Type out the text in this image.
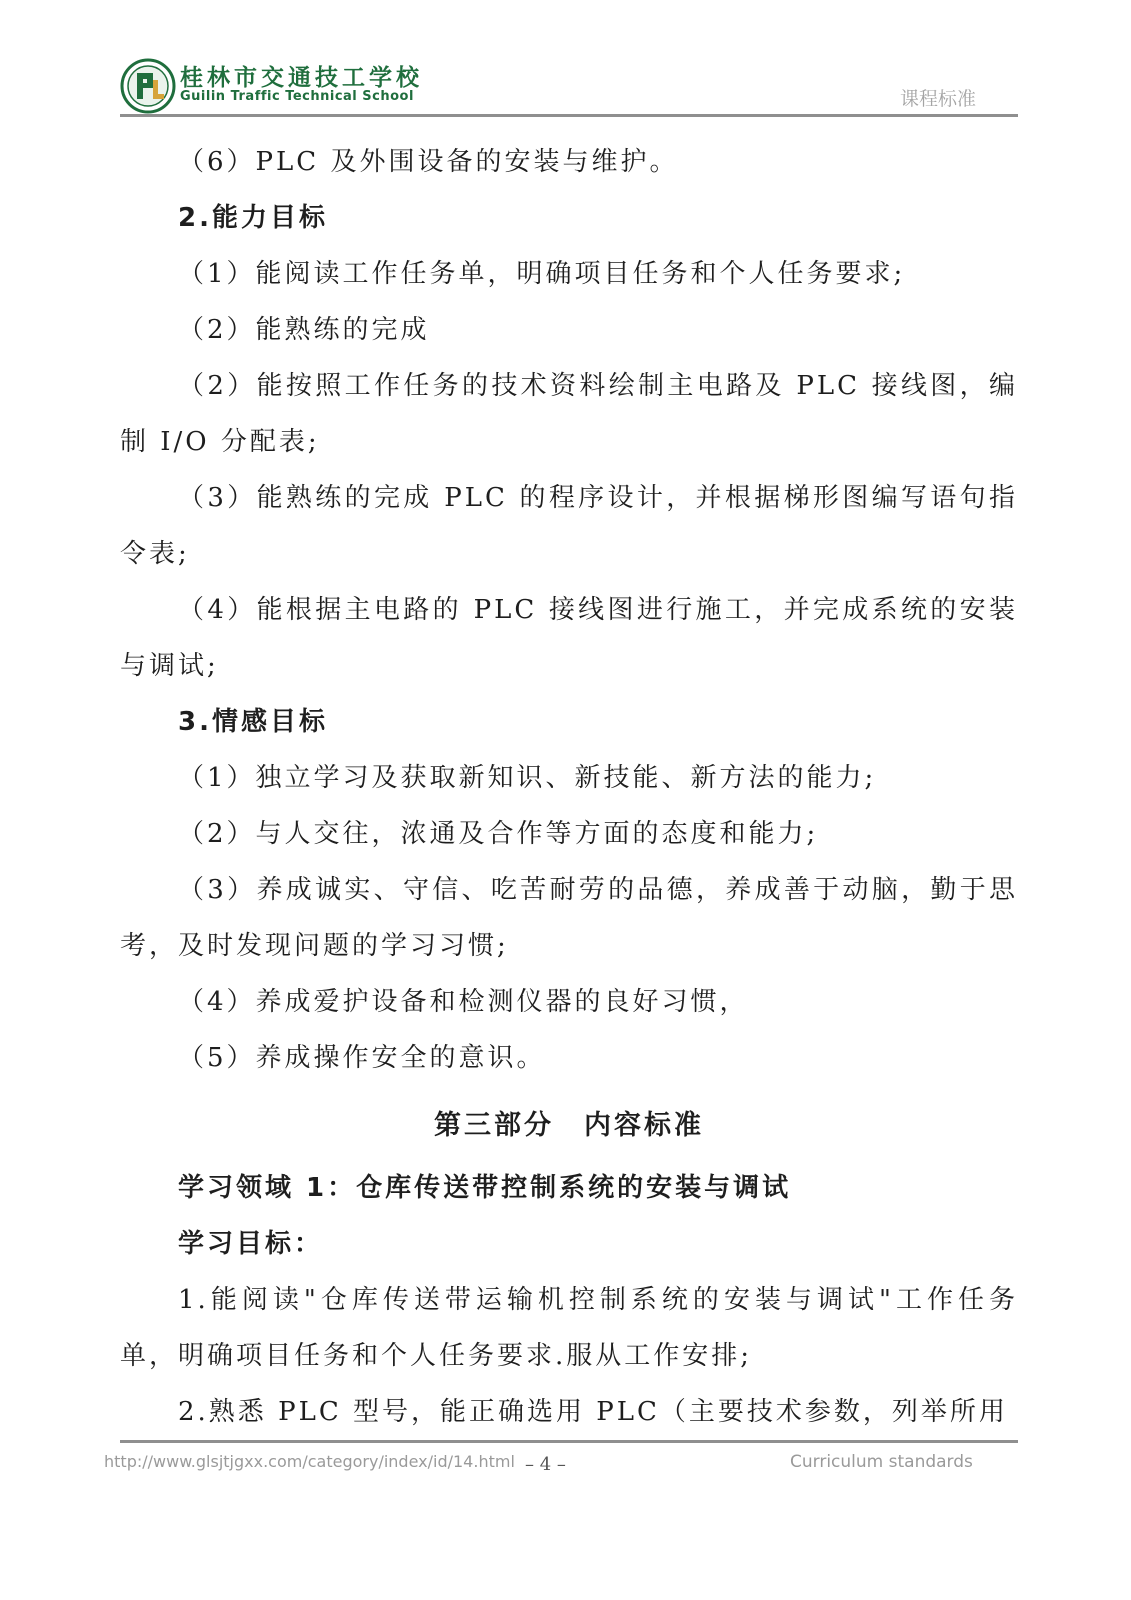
桂林市交通技工学校
Guilin Traffic Technical School	课程标准

（6）PLC 及外围设备的安装与维护。

2.能力目标

（1）能阅读工作任务单，明确项目任务和个人任务要求;

（2）能熟练的完成

（2）能按照工作任务的技术资料绘制主电路及 PLC 接线图，编制 I/O 分配表;

（3）能熟练的完成 PLC 的程序设计，并根据梯形图编写语句指令表;

（4）能根据主电路的 PLC 接线图进行施工，并完成系统的安装与调试;

3.情感目标

（1）独立学习及获取新知识、新技能、新方法的能力;

（2）与人交往，浓通及合作等方面的态度和能力;

（3）养成诚实、守信、吃苦耐劳的品德，养成善于动脑，勤于思考，及时发现问题的学习习惯;

（4）养成爱护设备和检测仪器的良好习惯，

（5）养成操作安全的意识。

第三部分　内容标准

学习领域 1：仓库传送带控制系统的安装与调试

学习目标：

1.能阅读"仓库传送带运输机控制系统的安装与调试"工作任务单，明确项目任务和个人任务要求.服从工作安排;

2.熟悉 PLC 型号，能正确选用 PLC（主要技术参数，列举所用

http://www.glsjtjgxx.com/category/index/id/14.html – 4 –	Curriculum standards
